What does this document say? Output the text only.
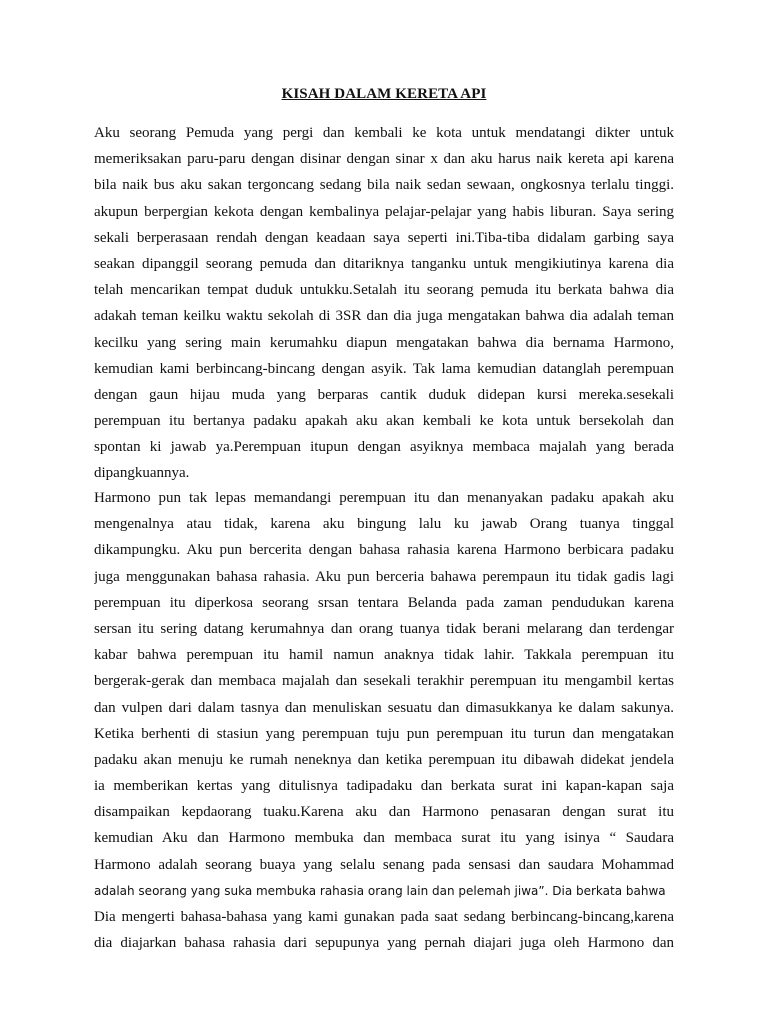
KISAH DALAM KERETA API
Aku seorang Pemuda yang pergi dan kembali ke kota untuk mendatangi dikter untuk
memeriksakan paru-paru dengan disinar dengan sinar x dan aku harus naik kereta api karena
bila naik bus aku sakan tergoncang sedang bila naik sedan sewaan, ongkosnya terlalu tinggi.
akupun berpergian kekota dengan kembalinya pelajar-pelajar yang habis liburan. Saya sering
sekali berperasaan rendah dengan keadaan saya seperti ini.Tiba-tiba didalam garbing saya
seakan dipanggil seorang pemuda dan ditariknya tanganku untuk mengikiutinya karena dia
telah mencarikan tempat duduk untukku.Setalah itu seorang pemuda itu berkata bahwa dia
adakah teman keilku waktu sekolah di 3SR dan dia juga mengatakan bahwa dia adalah teman
kecilku yang sering main kerumahku diapun mengatakan bahwa dia bernama Harmono,
kemudian kami berbincang-bincang dengan asyik. Tak lama kemudian datanglah perempuan
dengan gaun hijau muda yang berparas cantik duduk didepan kursi mereka.sesekali
perempuan itu bertanya padaku apakah aku akan kembali ke kota untuk bersekolah dan
spontan ki jawab ya.Perempuan itupun dengan asyiknya membaca majalah yang berada
dipangkuannya.
Harmono pun tak lepas memandangi perempuan itu dan menanyakan padaku apakah aku
mengenalnya atau tidak, karena aku bingung lalu ku jawab Orang tuanya tinggal
dikampungku. Aku pun bercerita dengan bahasa rahasia karena Harmono berbicara padaku
juga menggunakan bahasa rahasia. Aku pun berceria bahawa perempaun itu tidak gadis lagi
perempuan itu diperkosa seorang srsan tentara Belanda pada zaman pendudukan karena
sersan itu sering datang kerumahnya dan orang tuanya tidak berani melarang dan terdengar
kabar bahwa perempuan itu hamil namun anaknya tidak lahir. Takkala perempuan itu
bergerak-gerak dan membaca majalah dan sesekali terakhir perempuan itu mengambil kertas
dan vulpen dari dalam tasnya dan menuliskan sesuatu dan dimasukkanya ke dalam sakunya.
Ketika berhenti di stasiun yang perempuan tuju pun perempuan itu turun dan mengatakan
padaku akan menuju ke rumah neneknya dan ketika perempuan itu dibawah didekat jendela
ia memberikan kertas yang ditulisnya tadipadaku dan berkata surat ini kapan-kapan saja
disampaikan kepdaorang tuaku.Karena aku dan Harmono penasaran dengan surat itu
kemudian Aku dan Harmono membuka dan membaca surat itu yang isinya “ Saudara
Harmono adalah seorang buaya yang selalu senang pada sensasi dan saudara Mohammad
adalah seorang yang suka membuka rahasia orang lain dan pelemah jiwa”. Dia berkata bahwa
Dia mengerti bahasa-bahasa yang kami gunakan pada saat sedang berbincang-bincang,karena
dia diajarkan bahasa rahasia dari sepupunya yang pernah diajari juga oleh Harmono dan
